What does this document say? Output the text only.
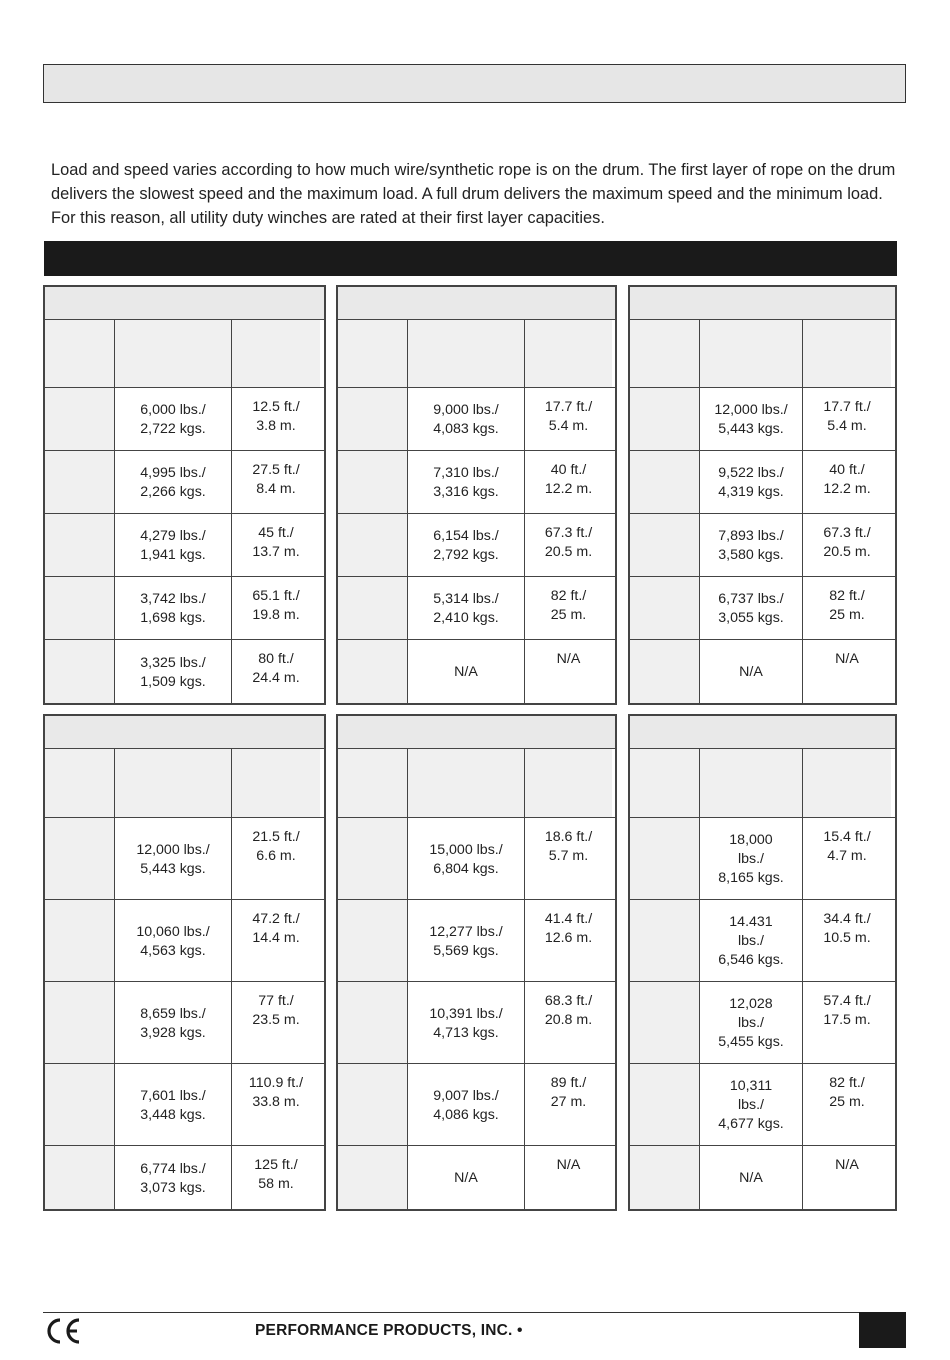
Load and speed varies according to how much wire/synthetic rope is on the drum. The first layer of rope on the drum delivers the slowest speed and the maximum load. A full drum delivers the maximum speed and the minimum load. For this reason, all utility duty winches are rated at their first layer capacities.

6,000 lbs./
2,722 kgs.
12.5 ft./
3.8 m.
4,995 lbs./
2,266 kgs.
27.5 ft./
8.4 m.
4,279 lbs./
1,941 kgs.
45 ft./
13.7 m.
3,742 lbs./
1,698 kgs.
65.1 ft./
19.8 m.
3,325 lbs./
1,509 kgs.
80 ft./
24.4 m.
9,000 lbs./
4,083 kgs.
17.7 ft./
5.4 m.
7,310 lbs./
3,316 kgs.
40 ft./
12.2 m.
6,154 lbs./
2,792 kgs.
67.3 ft./
20.5 m.
5,314 lbs./
2,410 kgs.
82 ft./
25 m.
N/A
N/A
12,000 lbs./
5,443 kgs.
17.7 ft./
5.4 m.
9,522 lbs./
4,319 kgs.
40 ft./
12.2 m.
7,893 lbs./
3,580 kgs.
67.3 ft./
20.5 m.
6,737 lbs./
3,055 kgs.
82 ft./
25 m.
N/A
N/A
12,000 lbs./
5,443 kgs.
21.5 ft./
6.6 m.
10,060 lbs./
4,563 kgs.
47.2 ft./
14.4 m.
8,659 lbs./
3,928 kgs.
77 ft./
23.5 m.
7,601 lbs./
3,448 kgs.
110.9 ft./
33.8 m.
6,774 lbs./
3,073 kgs.
125 ft./
58 m.
15,000 lbs./
6,804 kgs.
18.6 ft./
5.7 m.
12,277 lbs./
5,569 kgs.
41.4 ft./
12.6 m.
10,391 lbs./
4,713 kgs.
68.3 ft./
20.8 m.
9,007 lbs./
4,086 kgs.
89 ft./
27 m.
N/A
N/A
18,000
lbs./
8,165 kgs.
15.4 ft./
4.7 m.
14.431
lbs./
6,546 kgs.
34.4 ft./
10.5 m.
12,028
lbs./
5,455 kgs.
57.4 ft./
17.5 m.
10,311
lbs./
4,677 kgs.
82 ft./
25 m.
N/A
N/A
PERFORMANCE PRODUCTS, INC. •
